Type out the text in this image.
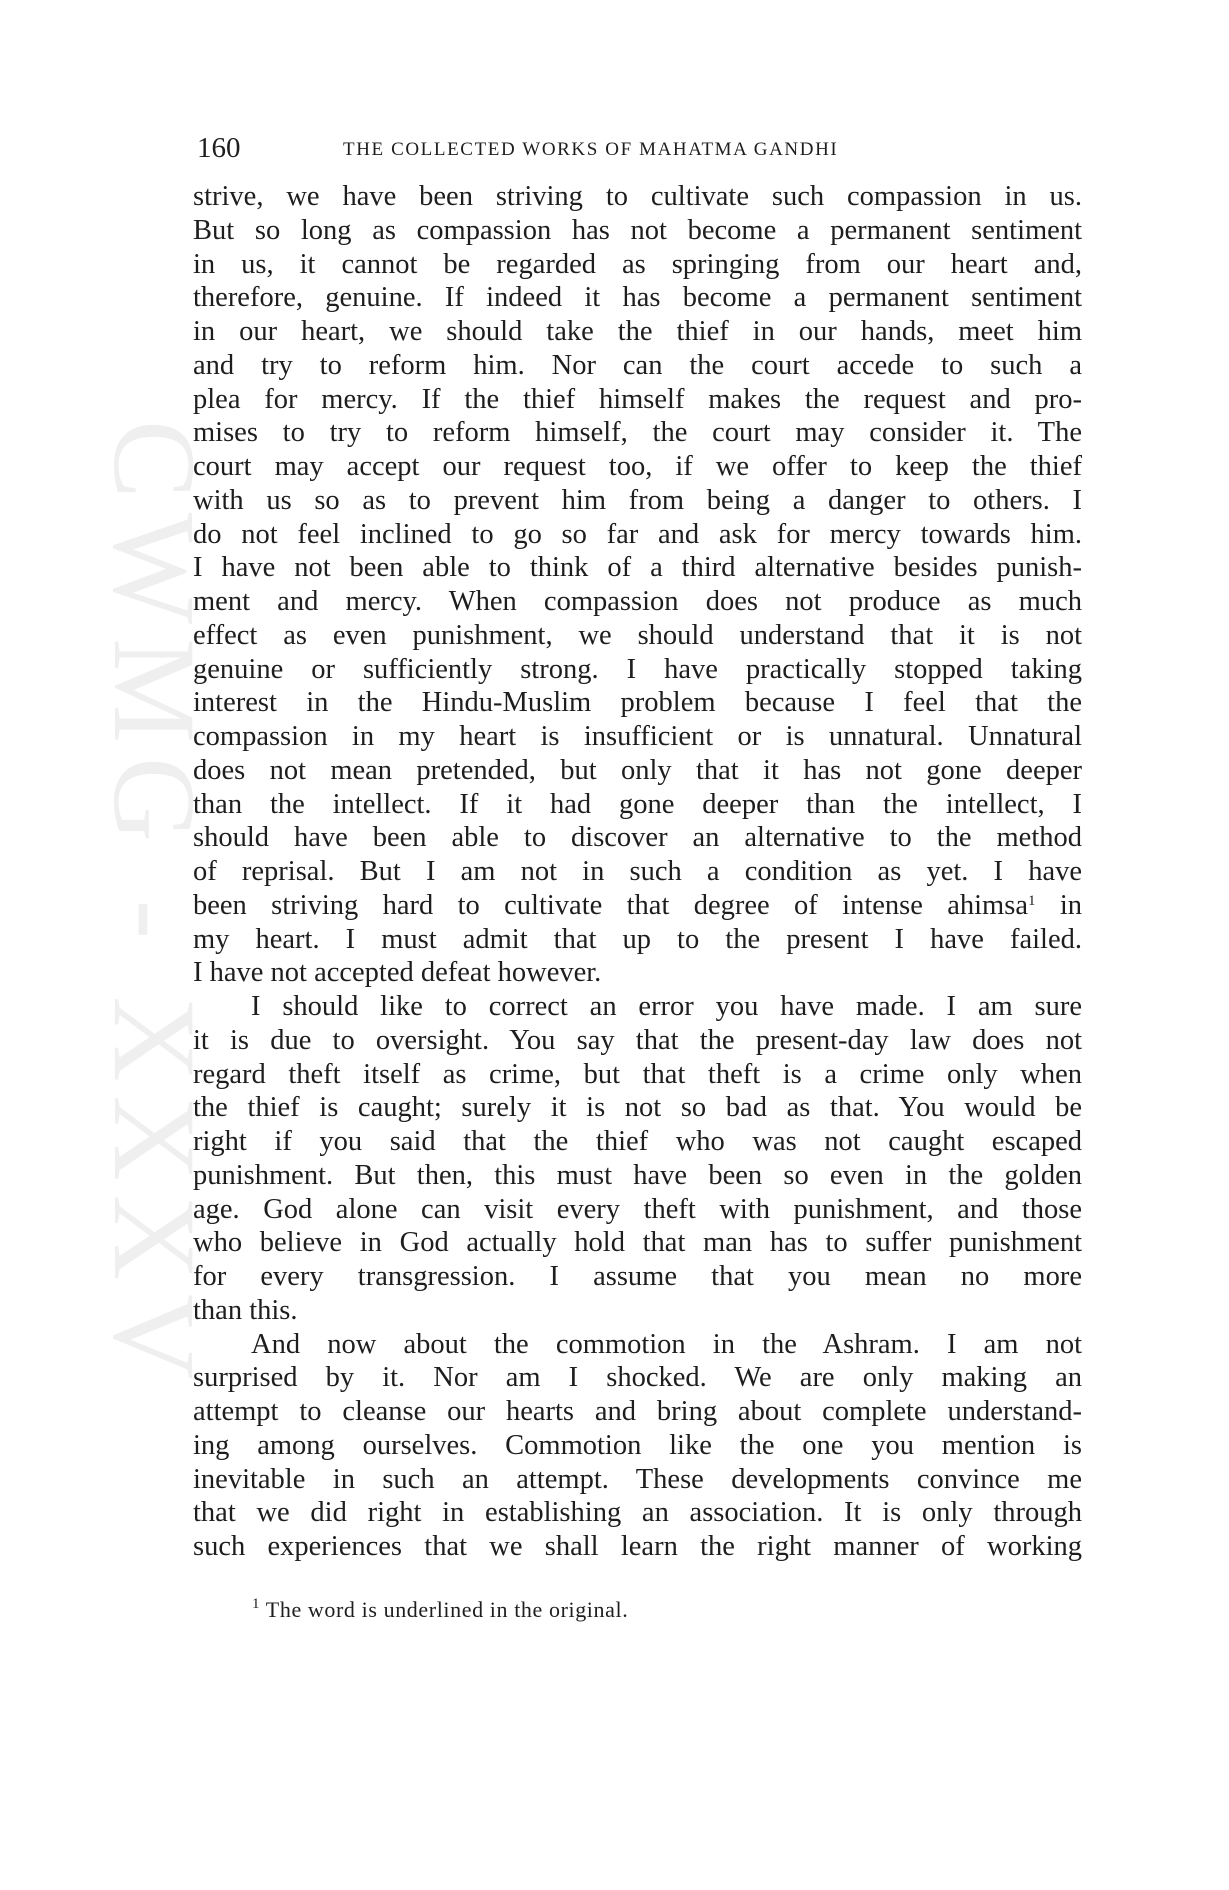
CWMG - XXXV
160	THE COLLECTED WORKS OF MAHATMA GANDHI
strive, we have been striving to cultivate such compassion in us.
But so long as compassion has not become a permanent sentiment
in us, it cannot be regarded as springing from our heart and,
therefore, genuine. If indeed it has become a permanent sentiment
in our heart, we should take the thief in our hands, meet him
and try to reform him. Nor can the court accede to such a
plea for mercy. If the thief himself makes the request and pro-
mises to try to reform himself, the court may consider it. The
court may accept our request too, if we offer to keep the thief
with us so as to prevent him from being a danger to others. I
do not feel inclined to go so far and ask for mercy towards him.
I have not been able to think of a third alternative besides punish-
ment and mercy. When compassion does not produce as much
effect as even punishment, we should understand that it is not
genuine or sufficiently strong. I have practically stopped taking
interest in the Hindu-Muslim problem because I feel that the
compassion in my heart is insufficient or is unnatural. Unnatural
does not mean pretended, but only that it has not gone deeper
than the intellect. If it had gone deeper than the intellect, I
should have been able to discover an alternative to the method
of reprisal. But I am not in such a condition as yet. I have
been striving hard to cultivate that degree of intense ahimsa$^1$ in
my heart. I must admit that up to the present I have failed.
I have not accepted defeat however.
I should like to correct an error you have made. I am sure
it is due to oversight. You say that the present-day law does not
regard theft itself as crime, but that theft is a crime only when
the thief is caught; surely it is not so bad as that. You would be
right if you said that the thief who was not caught escaped
punishment. But then, this must have been so even in the golden
age. God alone can visit every theft with punishment, and those
who believe in God actually hold that man has to suffer punishment
for every transgression. I assume that you mean no more
than this.
And now about the commotion in the Ashram. I am not
surprised by it. Nor am I shocked. We are only making an
attempt to cleanse our hearts and bring about complete understand-
ing among ourselves. Commotion like the one you mention is
inevitable in such an attempt. These developments convince me
that we did right in establishing an association. It is only through
such experiences that we shall learn the right manner of working
$^1$ The word is underlined in the original.
